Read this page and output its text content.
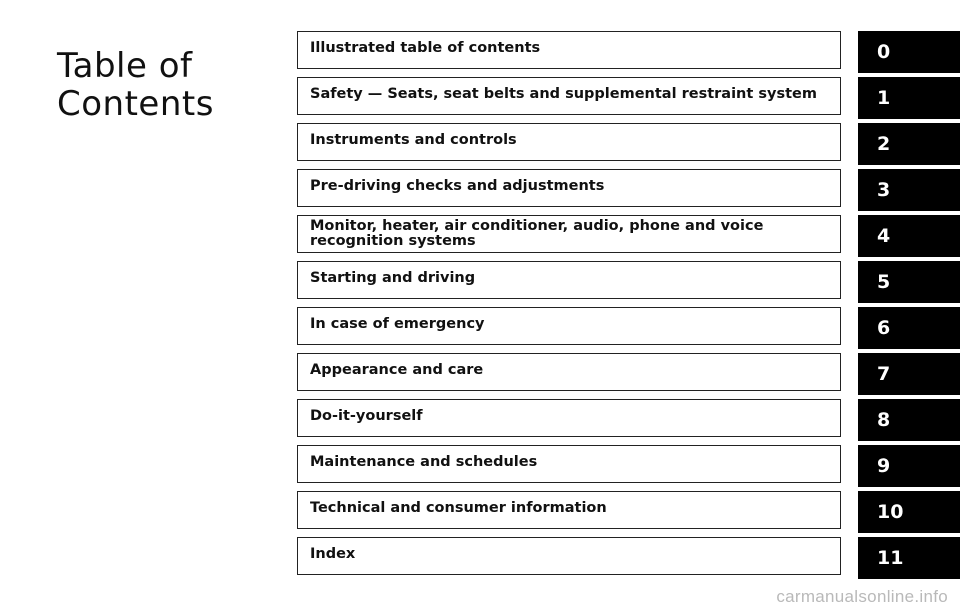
Table of
Contents
Illustrated table of contents	0
Safety — Seats, seat belts and supplemental restraint system	1
Instruments and controls	2
Pre-driving checks and adjustments	3
Monitor, heater, air conditioner, audio, phone and voice recognition systems	4
Starting and driving	5
In case of emergency	6
Appearance and care	7
Do-it-yourself	8
Maintenance and schedules	9
Technical and consumer information	10
Index	11
carmanualsonline.info
